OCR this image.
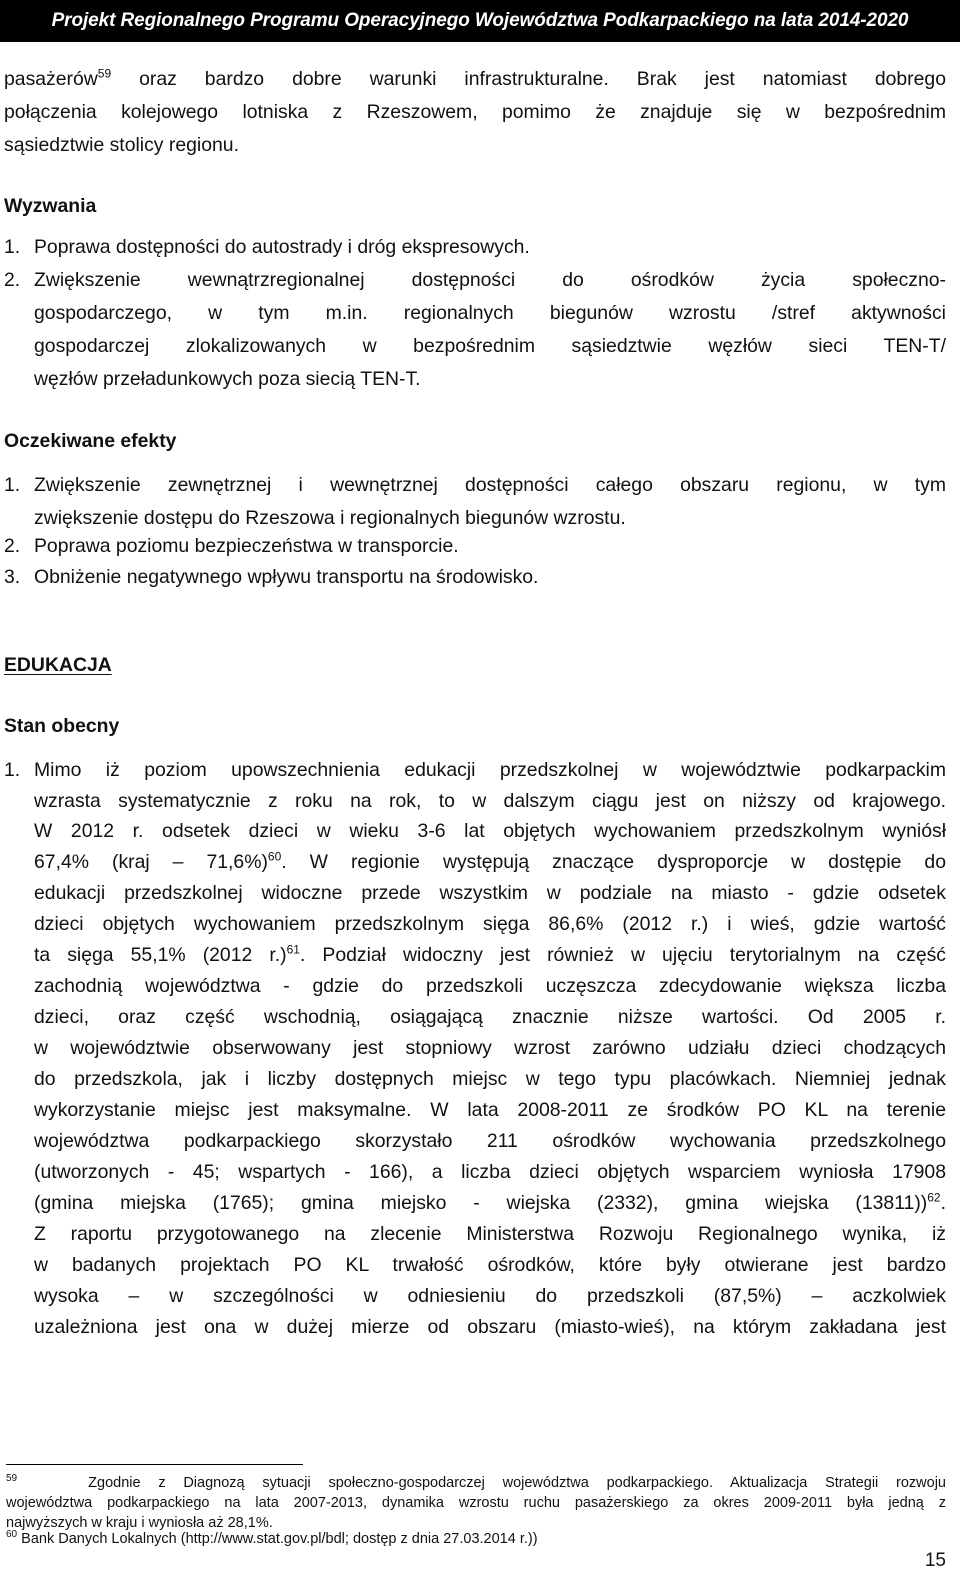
Projekt Regionalnego Programu Operacyjnego Województwa Podkarpackiego na lata 2014-2020
pasażerów$^{59}$ oraz bardzo dobre warunki infrastrukturalne. Brak jest natomiast dobrego
połączenia kolejowego lotniska z Rzeszowem, pomimo że znajduje się w bezpośrednim
sąsiedztwie stolicy regionu.
Wyzwania
1. Poprawa dostępności do autostrady i dróg ekspresowych.
2. Zwiększenie wewnątrzregionalnej dostępności do ośrodków życia społeczno-
gospodarczego, w tym m.in. regionalnych biegunów wzrostu /stref aktywności
gospodarczej zlokalizowanych w bezpośrednim sąsiedztwie węzłów sieci TEN-T/
węzłów przeładunkowych poza siecią TEN-T.
Oczekiwane efekty
1. Zwiększenie zewnętrznej i wewnętrznej dostępności całego obszaru regionu, w tym
zwiększenie dostępu do Rzeszowa i regionalnych biegunów wzrostu.
2. Poprawa poziomu bezpieczeństwa w transporcie.
3. Obniżenie negatywnego wpływu transportu na środowisko.
EDUKACJA
Stan obecny
1. Mimo iż poziom upowszechnienia edukacji przedszkolnej w województwie podkarpackim
wzrasta systematycznie z roku na rok, to w dalszym ciągu jest on niższy od krajowego.
W 2012 r. odsetek dzieci w wieku 3-6 lat objętych wychowaniem przedszkolnym wyniósł
67,4% (kraj – 71,6%)$^{60}$. W regionie występują znaczące dysproporcje w dostępie do
edukacji przedszkolnej widoczne przede wszystkim w podziale na miasto - gdzie odsetek
dzieci objętych wychowaniem przedszkolnym sięga 86,6% (2012 r.) i wieś, gdzie wartość
ta sięga 55,1% (2012 r.)$^{61}$. Podział widoczny jest również w ujęciu terytorialnym na część
zachodnią województwa - gdzie do przedszkoli uczęszcza zdecydowanie większa liczba
dzieci, oraz część wschodnią, osiągającą znacznie niższe wartości. Od 2005 r.
w województwie obserwowany jest stopniowy wzrost zarówno udziału dzieci chodzących
do przedszkola, jak i liczby dostępnych miejsc w tego typu placówkach. Niemniej jednak
wykorzystanie miejsc jest maksymalne. W lata 2008-2011 ze środków PO KL na terenie
województwa podkarpackiego skorzystało 211 ośrodków wychowania przedszkolnego
(utworzonych - 45; wspartych - 166), a liczba dzieci objętych wsparciem wyniosła 17908
(gmina miejska (1765); gmina miejsko - wiejska (2332), gmina wiejska (13811))$^{62}$.
Z raportu przygotowanego na zlecenie Ministerstwa Rozwoju Regionalnego wynika, iż
w badanych projektach PO KL trwałość ośrodków, które były otwierane jest bardzo
wysoka – w szczególności w odniesieniu do przedszkoli (87,5%) – aczkolwiek
uzależniona jest ona w dużej mierze od obszaru (miasto-wieś), na którym zakładana jest
$^{59}$	Zgodnie z Diagnozą sytuacji społeczno-gospodarczej województwa podkarpackiego. Aktualizacja Strategii rozwoju
województwa podkarpackiego na lata 2007-2013, dynamika wzrostu ruchu pasażerskiego za okres 2009-2011 była jedną z
najwyższych w kraju i wyniosła aż 28,1%.
$^{60}$ Bank Danych Lokalnych (http://www.stat.gov.pl/bdl; dostęp z dnia 27.03.2014 r.))
15
